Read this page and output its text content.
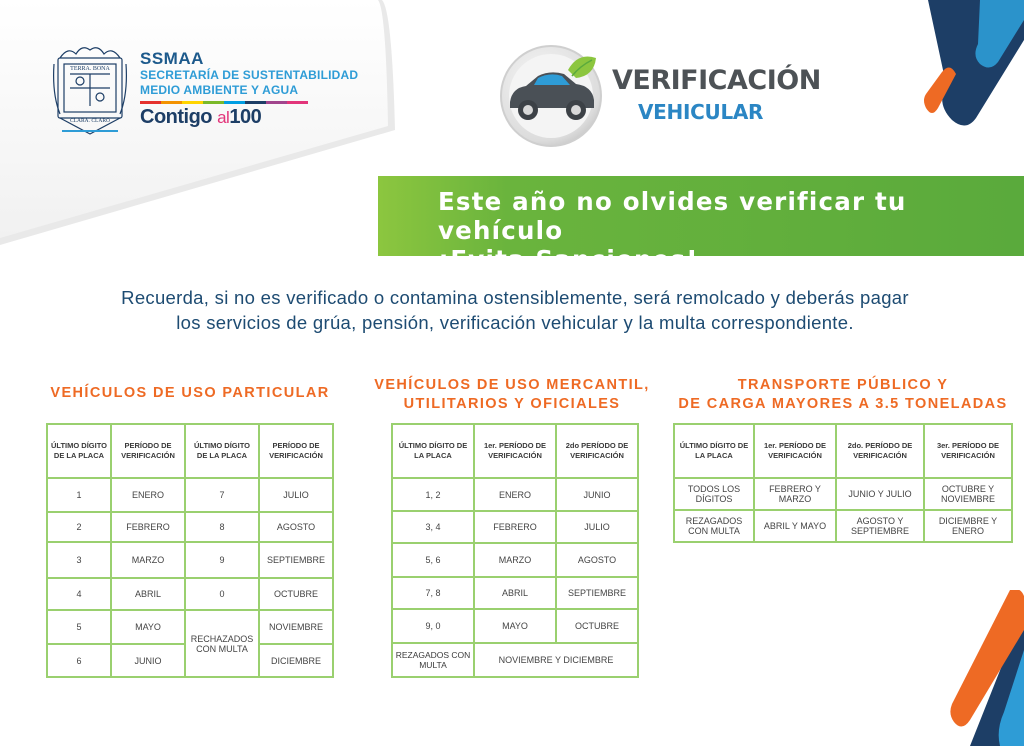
TERRA. BONA
CLARA. CLARO
SSMAA
SECRETARÍA DE SUSTENTABILIDAD
MEDIO AMBIENTE Y AGUA
Contigo al100
VERIFICACIÓN
VEHICULAR
Este año no olvides verificar tu vehículo
¡Evita Sanciones!
Recuerda, si no es verificado o contamina ostensiblemente, será remolcado y deberás pagar
los servicios de grúa, pensión, verificación vehicular y la multa correspondiente.
VEHÍCULOS DE USO PARTICULAR
ÚLTIMO DÍGITO DE LA PLACA	PERÍODO DE VERIFICACIÓN	ÚLTIMO DÍGITO DE LA PLACA	PERÍODO DE VERIFICACIÓN
1	ENERO	7	JULIO
2	FEBRERO	8	AGOSTO
3	MARZO	9	SEPTIEMBRE
4	ABRIL	0	OCTUBRE
5	MAYO	RECHAZADOS CON MULTA	NOVIEMBRE
6	JUNIO		DICIEMBRE
VEHÍCULOS DE USO MERCANTIL,
UTILITARIOS Y OFICIALES
ÚLTIMO DÍGITO DE LA PLACA	1er. PERÍODO DE VERIFICACIÓN	2do PERÍODO DE VERIFICACIÓN
1, 2	ENERO	JUNIO
3, 4	FEBRERO	JULIO
5, 6	MARZO	AGOSTO
7, 8	ABRIL	SEPTIEMBRE
9, 0	MAYO	OCTUBRE
REZAGADOS CON MULTA	NOVIEMBRE Y DICIEMBRE	
TRANSPORTE PÚBLICO Y
DE CARGA MAYORES A 3.5 TONELADAS
ÚLTIMO DÍGITO DE LA PLACA	1er. PERÍODO DE VERIFICACIÓN	2do. PERÍODO DE VERIFICACIÓN	3er. PERÍODO DE VERIFICACIÓN
TODOS LOS DÍGITOS	FEBRERO Y MARZO	JUNIO Y JULIO	OCTUBRE Y NOVIEMBRE
REZAGADOS CON MULTA	ABRIL Y MAYO	AGOSTO Y SEPTIEMBRE	DICIEMBRE Y ENERO
